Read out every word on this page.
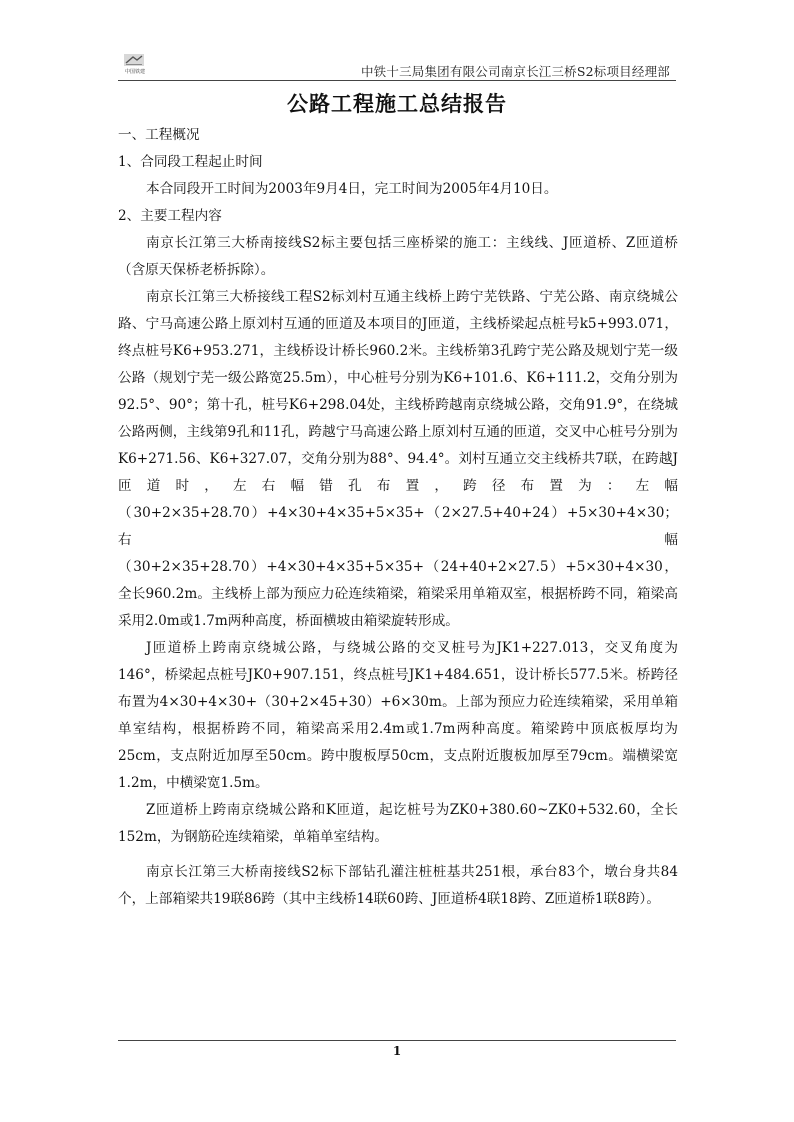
中国铁建	中铁十三局集团有限公司南京长江三桥S2标项目经理部
公路工程施工总结报告
一、工程概况
1、合同段工程起止时间

本合同段开工时间为2003年9月4日，完工时间为2005年4月10日。

2、主要工程内容

南京长江第三大桥南接线S2标主要包括三座桥梁的施工：主线线、J匝道桥、Z匝道桥（含原天保桥老桥拆除）。

南京长江第三大桥接线工程S2标刘村互通主线桥上跨宁芜铁路、宁芜公路、南京绕城公路、宁马高速公路上原刘村互通的匝道及本项目的J匝道，主线桥梁起点桩号k5+993.071，终点桩号K6+953.271，主线桥设计桥长960.2米。主线桥第3孔跨宁芜公路及规划宁芜一级公路（规划宁芜一级公路宽25.5m），中心桩号分别为K6+101.6、K6+111.2，交角分别为92.5°、90°；第十孔，桩号K6+298.04处，主线桥跨越南京绕城公路，交角91.9°，在绕城公路两侧，主线第9孔和11孔，跨越宁马高速公路上原刘村互通的匝道，交叉中心桩号分别为K6+271.56、K6+327.07，交角分别为88°、94.4°。刘村互通立交主线桥共7联，在跨越J匝道时，左右幅错孔布置，跨径布置为：左幅（30+2×35+28.70）+4×30+4×35+5×35+（2×27.5+40+24）+5×30+4×30；右幅（30+2×35+28.70）+4×30+4×35+5×35+（24+40+2×27.5）+5×30+4×30，全长960.2m。主线桥上部为预应力砼连续箱梁，箱梁采用单箱双室，根据桥跨不同，箱梁高采用2.0m或1.7m两种高度，桥面横坡由箱梁旋转形成。

J匝道桥上跨南京绕城公路，与绕城公路的交叉桩号为JK1+227.013，交叉角度为146°，桥梁起点桩号JK0+907.151，终点桩号JK1+484.651，设计桥长577.5米。桥跨径布置为4×30+4×30+（30+2×45+30）+6×30m。上部为预应力砼连续箱梁，采用单箱单室结构，根据桥跨不同，箱梁高采用2.4m或1.7m两种高度。箱梁跨中顶底板厚均为25cm，支点附近加厚至50cm。跨中腹板厚50cm，支点附近腹板加厚至79cm。端横梁宽1.2m，中横梁宽1.5m。

Z匝道桥上跨南京绕城公路和K匝道，起讫桩号为ZK0+380.60~ZK0+532.60，全长152m，为钢筋砼连续箱梁，单箱单室结构。

南京长江第三大桥南接线S2标下部钻孔灌注桩桩基共251根，承台83个，墩台身共84个，上部箱梁共19联86跨（其中主线桥14联60跨、J匝道桥4联18跨、Z匝道桥1联8跨）。

1
